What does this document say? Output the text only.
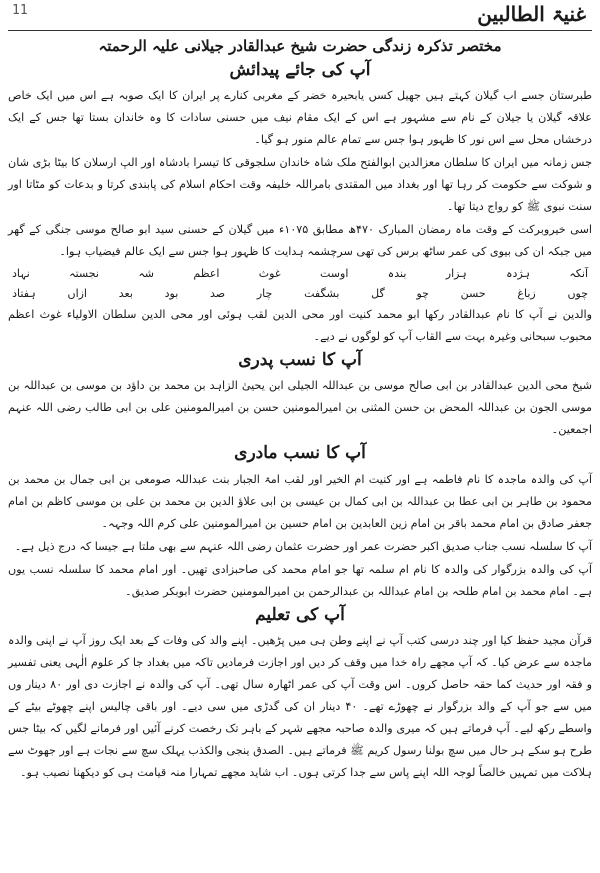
11	غنیۃ الطالبین
مختصر تذکرہ زندگی حضرت شیخ عبدالقادر جیلانی علیہ الرحمتہ
آپ کی جائے پیدائش

طبرستان جسے اب گیلان کہتے ہیں جھیل کسں یابحیرہ خضر کے مغربی کنارے پر ایران کا ایک صوبہ ہے اس میں ایک خاص علاقہ گیلان یا جیلان کے نام سے مشہور ہے اس کے ایک مقام نیف میں حسنی سادات کا وہ خاندان بستا تھا جس کے ایک درخشاں محل سے اس نور کا ظہور ہوا جس سے تمام عالم منور ہو گیا۔

جس زمانہ میں ایران کا سلطان معزالدین ابوالفتح ملک شاہ خاندان سلجوقی کا تیسرا بادشاہ اور الپ ارسلان کا بیٹا بڑی شان و شوکت سے حکومت کر رہا تھا اور بغداد میں المقتدی بامراللہ خلیفہ وقت احکام اسلام کی پابندی کرتا و بدعات کو مٹاتا اور سنت نبوی ﷺ کو رواج دیتا تھا۔

اسی خیروبرکت کے وقت ماہ رمضان المبارک ۴۷۰ھ مطابق ۱۰۷۵ء میں گیلان کے حسنی سید ابو صالح موسی جنگی کے گھر میں جبکہ ان کی بیوی کی عمر ساٹھ برس کی تھی سرچشمہ ہدایت کا ظہور ہوا جس سے ایک عالم فیضیاب ہوا۔

آنکہ
ہژدہ
ہزار
بندہ
اوست
غوث
اعظم
شہ
نجستہ
نہاد
چوں
زباغ
حسن
چو
گل
بشگفت
چار
صد
بود
بعد
ازاں
ہفتاد

والدین نے آپ کا نام عبدالقادر رکھا ابو محمد کنیت اور محی الدین لقب ہوئی اور محی الدین سلطان الاولیاء غوث اعظم محبوب سبحانی وغیرہ بہت سے القاب آپ کو لوگوں نے دیے۔

آپ کا نسب پدری

شیخ محی الدین عبدالقادر بن ابی صالح موسی بن عبداللہ الجیلی ابن یحییٰ الزاہد بن محمد بن داؤد بن موسی بن عبداللہ بن موسی الجون بن عبداللہ المحض بن حسن المثنی بن امیرالمومنین حسن بن امیرالمومنین علی بن ابی طالب رضی اللہ عنہم اجمعین۔

آپ کا نسب مادری

آپ کی والدہ ماجدہ کا نام فاطمہ ہے اور کنیت ام الخیر اور لقب امۃ الجبار بنت عبداللہ صومعی بن ابی جمال بن محمد بن محمود بن طاہر بن ابی عطا بن عبداللہ بن ابی کمال بن عیسی بن ابی علاؤ الدین بن محمد بن علی بن موسی کاظم بن امام جعفر صادق بن امام محمد باقر بن امام زین العابدین بن امام حسین بن امیرالمومنین علی کرم اللہ وجہہ۔

آپ کا سلسلہ نسب جناب صدیق اکبر حضرت عمر اور حضرت عثمان رضی اللہ عنہم سے بھی ملتا ہے جیسا کہ درج ذیل ہے۔

آپ کی والدہ بزرگوار کی والدہ کا نام ام سلمہ تھا جو امام محمد کی صاحبزادی تھیں۔ اور امام محمد کا سلسلہ نسب یوں ہے۔ امام محمد بن امام طلحہ بن امام عبداللہ بن عبدالرحمن بن امیرالمومنین حضرت ابوبکر صدیق۔

آپ کی تعلیم

قرآن مجید حفظ کیا اور چند درسی کتب آپ نے اپنے وطن ہی میں پڑھیں۔ اپنے والد کی وفات کے بعد ایک روز آپ نے اپنی والدہ ماجدہ سے عرض کیا۔ کہ آپ مجھے راہ خدا میں وقف کر دیں اور اجازت فرمادیں تاکہ میں بغداد جا کر علوم الٰہی یعنی تفسیر و فقہ اور حدیث کما حقہ حاصل کروں۔ اس وقت آپ کی عمر اٹھارہ سال تھی۔ آپ کی والدہ نے اجازت دی اور ۸۰ دینار وں میں سے جو آپ کے والد بزرگوار نے چھوڑے تھے۔ ۴۰ دینار ان کی گدڑی میں سی دیے۔ اور باقی چالیس اپنے چھوٹے بیٹے کے واسطے رکھ لیے۔ آپ فرماتے ہیں کہ میری والدہ صاحبہ مجھے شہر کے باہر تک رخصت کرنے آئیں اور فرمانے لگیں کہ بیٹا جس طرح ہو سکے ہر حال میں سچ بولنا رسول کریم ﷺ فرماتے ہیں۔ الصدق ینجی والکذب یہلک سچ سے نجات ہے اور جھوٹ سے ہلاکت میں تمہیں خالصاً لوجہ اللہ اپنے پاس سے جدا کرتی ہوں۔ اب شاید مجھے تمہارا منہ قیامت ہی کو دیکھنا نصیب ہو۔
